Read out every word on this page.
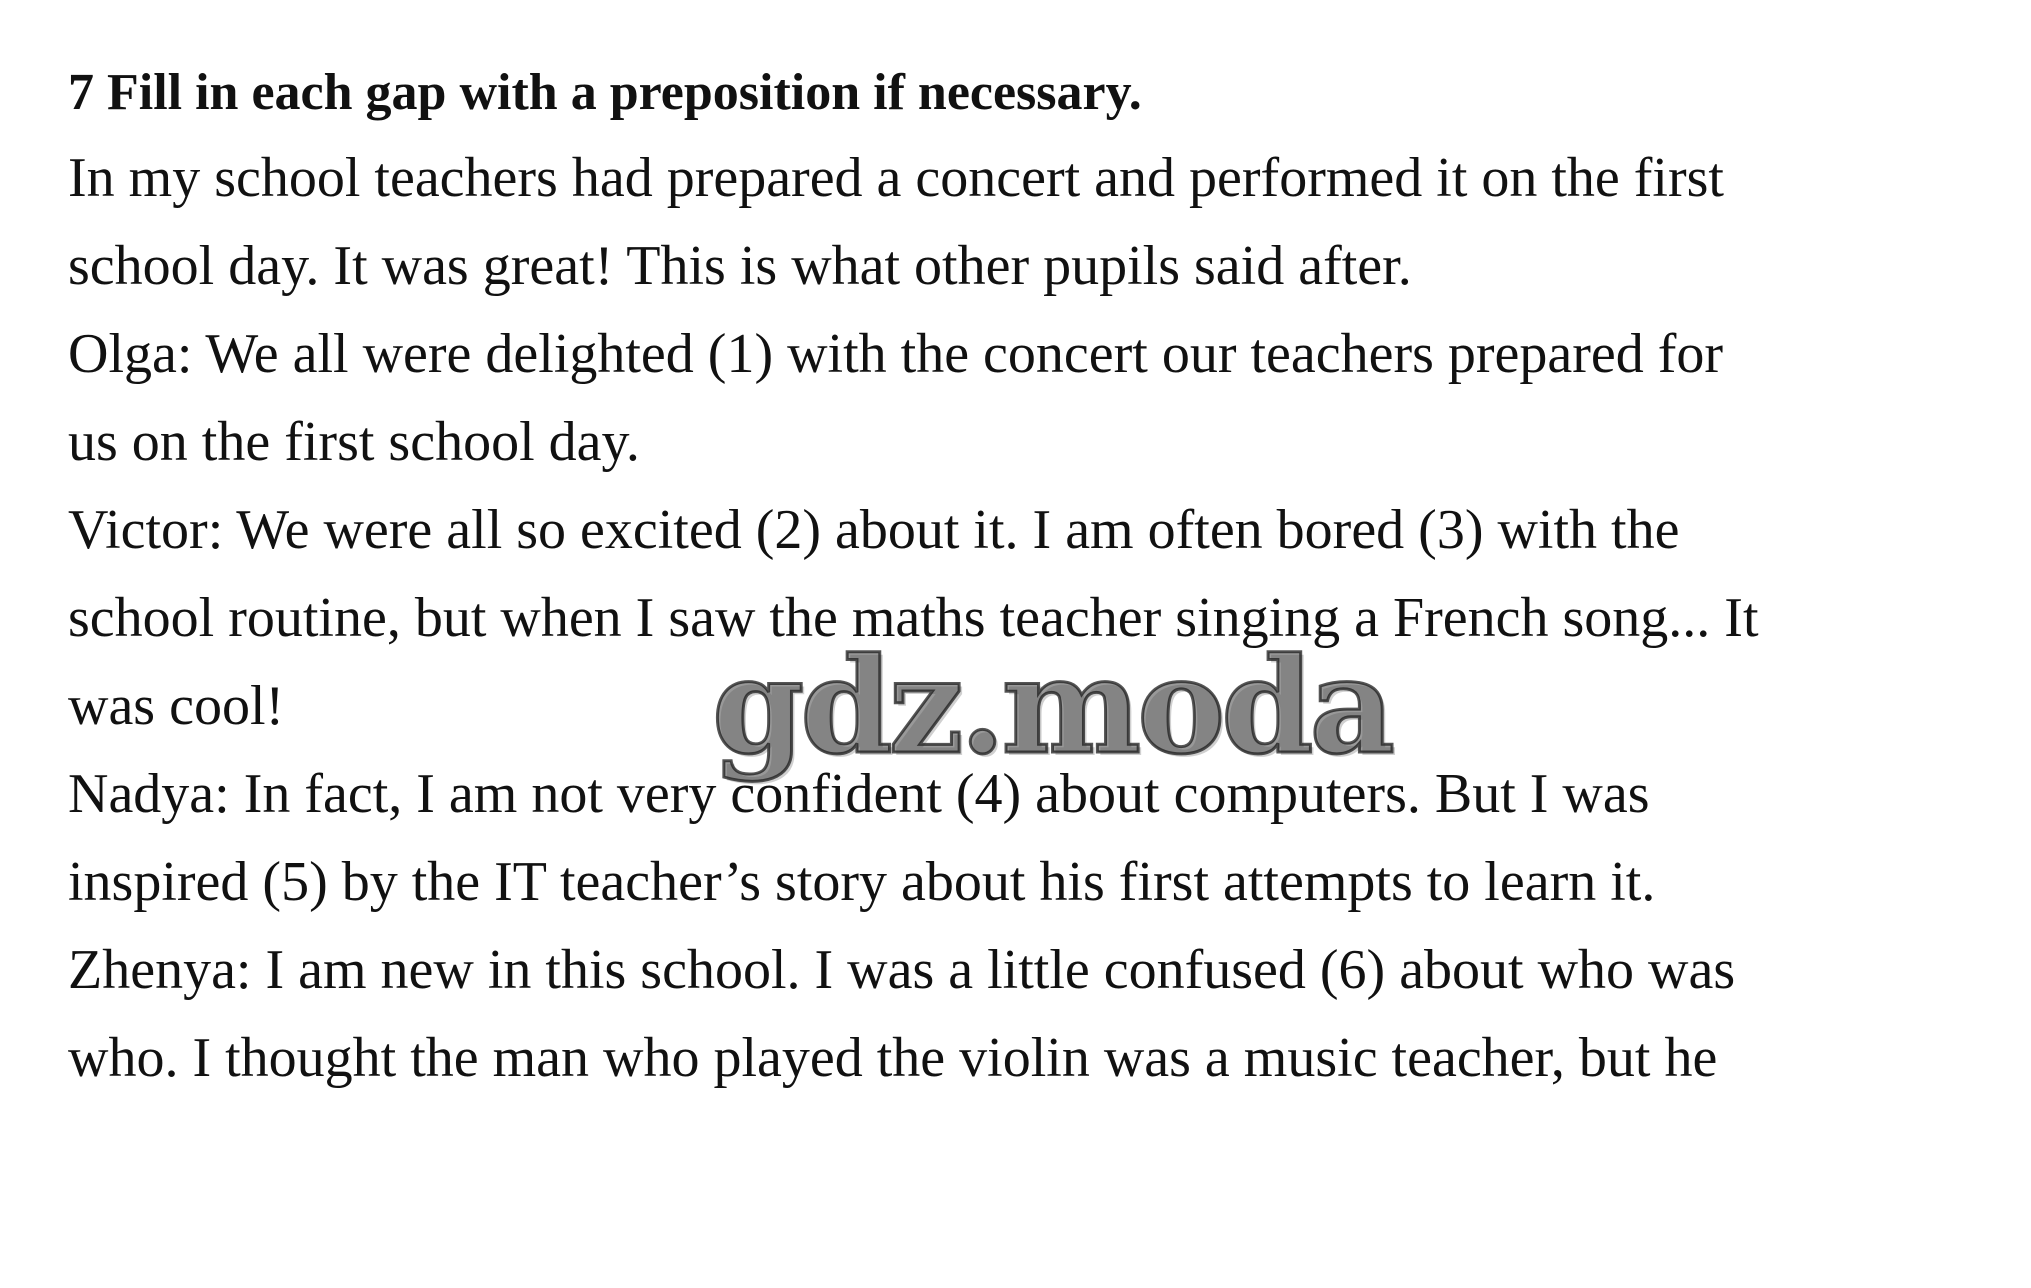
7 Fill in each gap with a preposition if necessary.

In my school teachers had prepared a concert and performed it on the first

school day. It was great! This is what other pupils said after.

Olga: We all were delighted (1) with the concert our teachers prepared for

us on the first school day.

Victor: We were all so excited (2) about it. I am often bored (3) with the

school routine, but when I saw the maths teacher singing a French song... It

was cool!

Nadya: In fact, I am not very confident (4) about computers. But I was

inspired (5) by the IT teacher’s story about his first attempts to learn it.

Zhenya: I am new in this school. I was a little confused (6) about who was

who. I thought the man who played the violin was a music teacher, but he

gdz.moda
